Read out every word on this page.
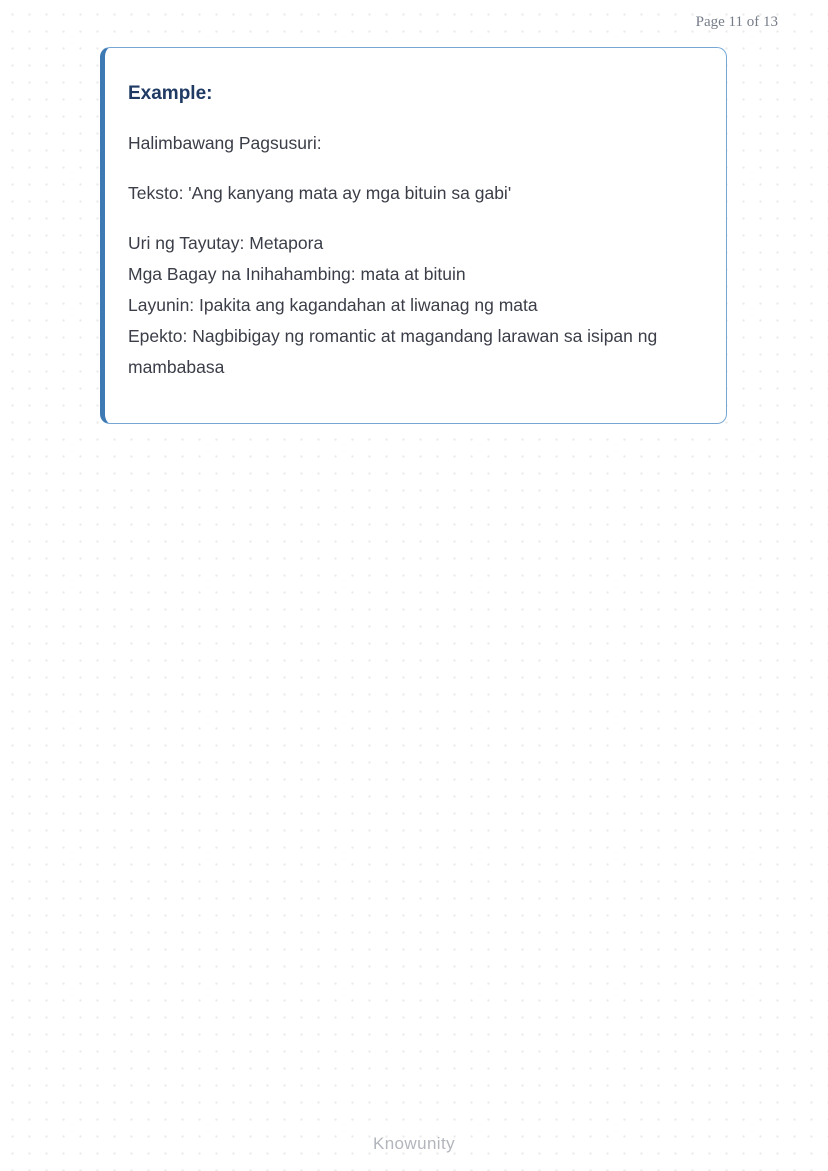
Page 11 of 13

Example:

Halimbawang Pagsusuri:

Teksto: 'Ang kanyang mata ay mga bituin sa gabi'

Uri ng Tayutay: Metapora

Mga Bagay na Inihahambing: mata at bituin

Layunin: Ipakita ang kagandahan at liwanag ng mata

Epekto: Nagbibigay ng romantic at magandang larawan sa isipan ng mambabasa

Knowunity
